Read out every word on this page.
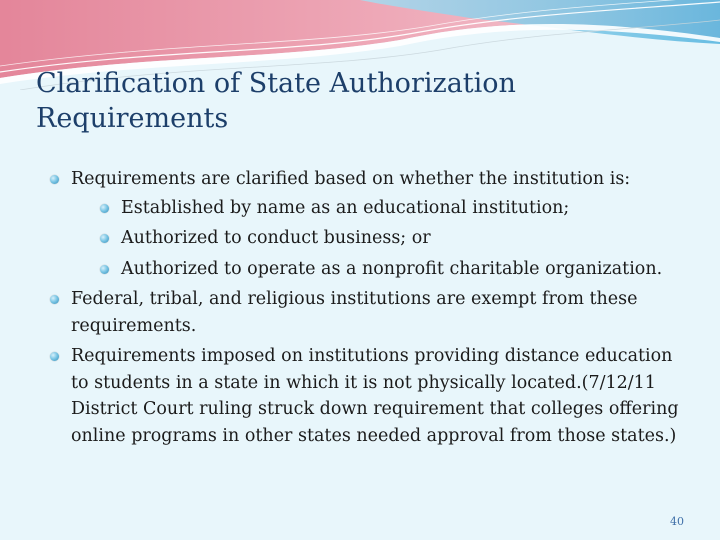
Clarification of State Authorization Requirements
Requirements are clarified based on whether the institution is:
Established by name as an educational institution;
Authorized to conduct business; or
Authorized to operate as a nonprofit charitable organization.
Federal, tribal, and religious institutions are exempt from these requirements.
Requirements imposed on institutions providing distance education to students in a state in which it is not physically located.(7/12/11 District Court ruling struck down requirement that colleges offering online programs in other states needed approval from those states.)
40
